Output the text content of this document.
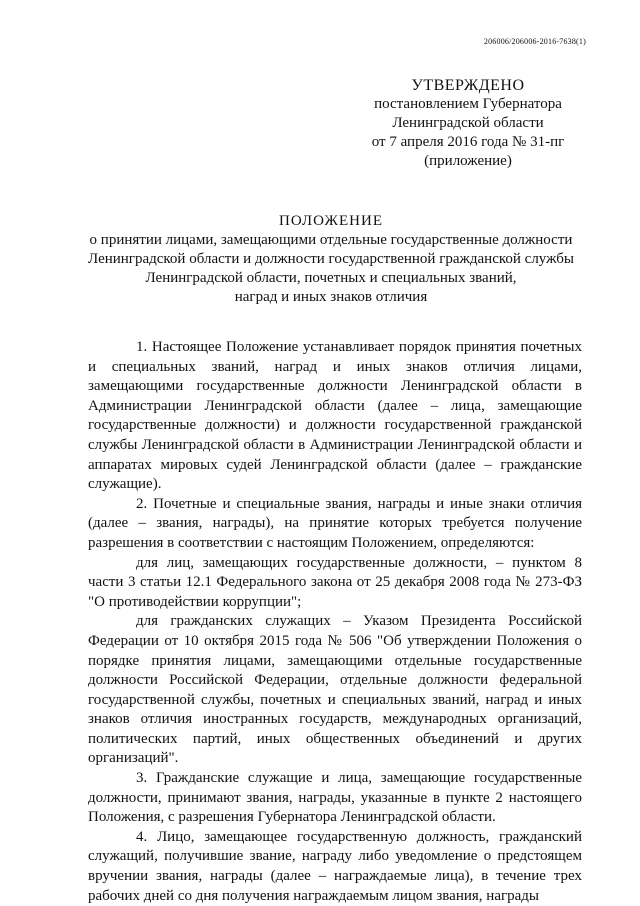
206006/206006-2016-7638(1)
УТВЕРЖДЕНО
постановлением Губернатора
Ленинградской области
от 7 апреля 2016 года № 31-пг
(приложение)
ПОЛОЖЕНИЕ
о принятии лицами, замещающими отдельные государственные должности
Ленинградской области и должности государственной гражданской службы
Ленинградской области, почетных и специальных званий,
наград и иных знаков отличия

1. Настоящее Положение устанавливает порядок принятия почетных и специальных званий, наград и иных знаков отличия лицами, замещающими государственные должности Ленинградской области в Администрации Ленинградской области (далее – лица, замещающие государственные должности) и должности государственной гражданской службы Ленинградской области в Администрации Ленинградской области и аппаратах мировых судей Ленинградской области (далее – гражданские служащие).

2. Почетные и специальные звания, награды и иные знаки отличия (далее – звания, награды), на принятие которых требуется получение разрешения в соответствии с настоящим Положением, определяются:

для лиц, замещающих государственные должности, – пунктом 8 части 3 статьи 12.1 Федерального закона от 25 декабря 2008 года № 273-ФЗ "О противодействии коррупции";

для гражданских служащих – Указом Президента Российской Федерации от 10 октября 2015 года № 506 "Об утверждении Положения о порядке принятия лицами, замещающими отдельные государственные должности Российской Федерации, отдельные должности федеральной государственной службы, почетных и специальных званий, наград и иных знаков отличия иностранных государств, международных организаций, политических партий, иных общественных объединений и других организаций".

3. Гражданские служащие и лица, замещающие государственные должности, принимают звания, награды, указанные в пункте 2 настоящего Положения, с разрешения Губернатора Ленинградской области.

4. Лицо, замещающее государственную должность, гражданский служащий, получившие звание, награду либо уведомление о предстоящем вручении звания, награды (далее – награждаемые лица), в течение трех рабочих дней со дня получения награждаемым лицом звания, награды
